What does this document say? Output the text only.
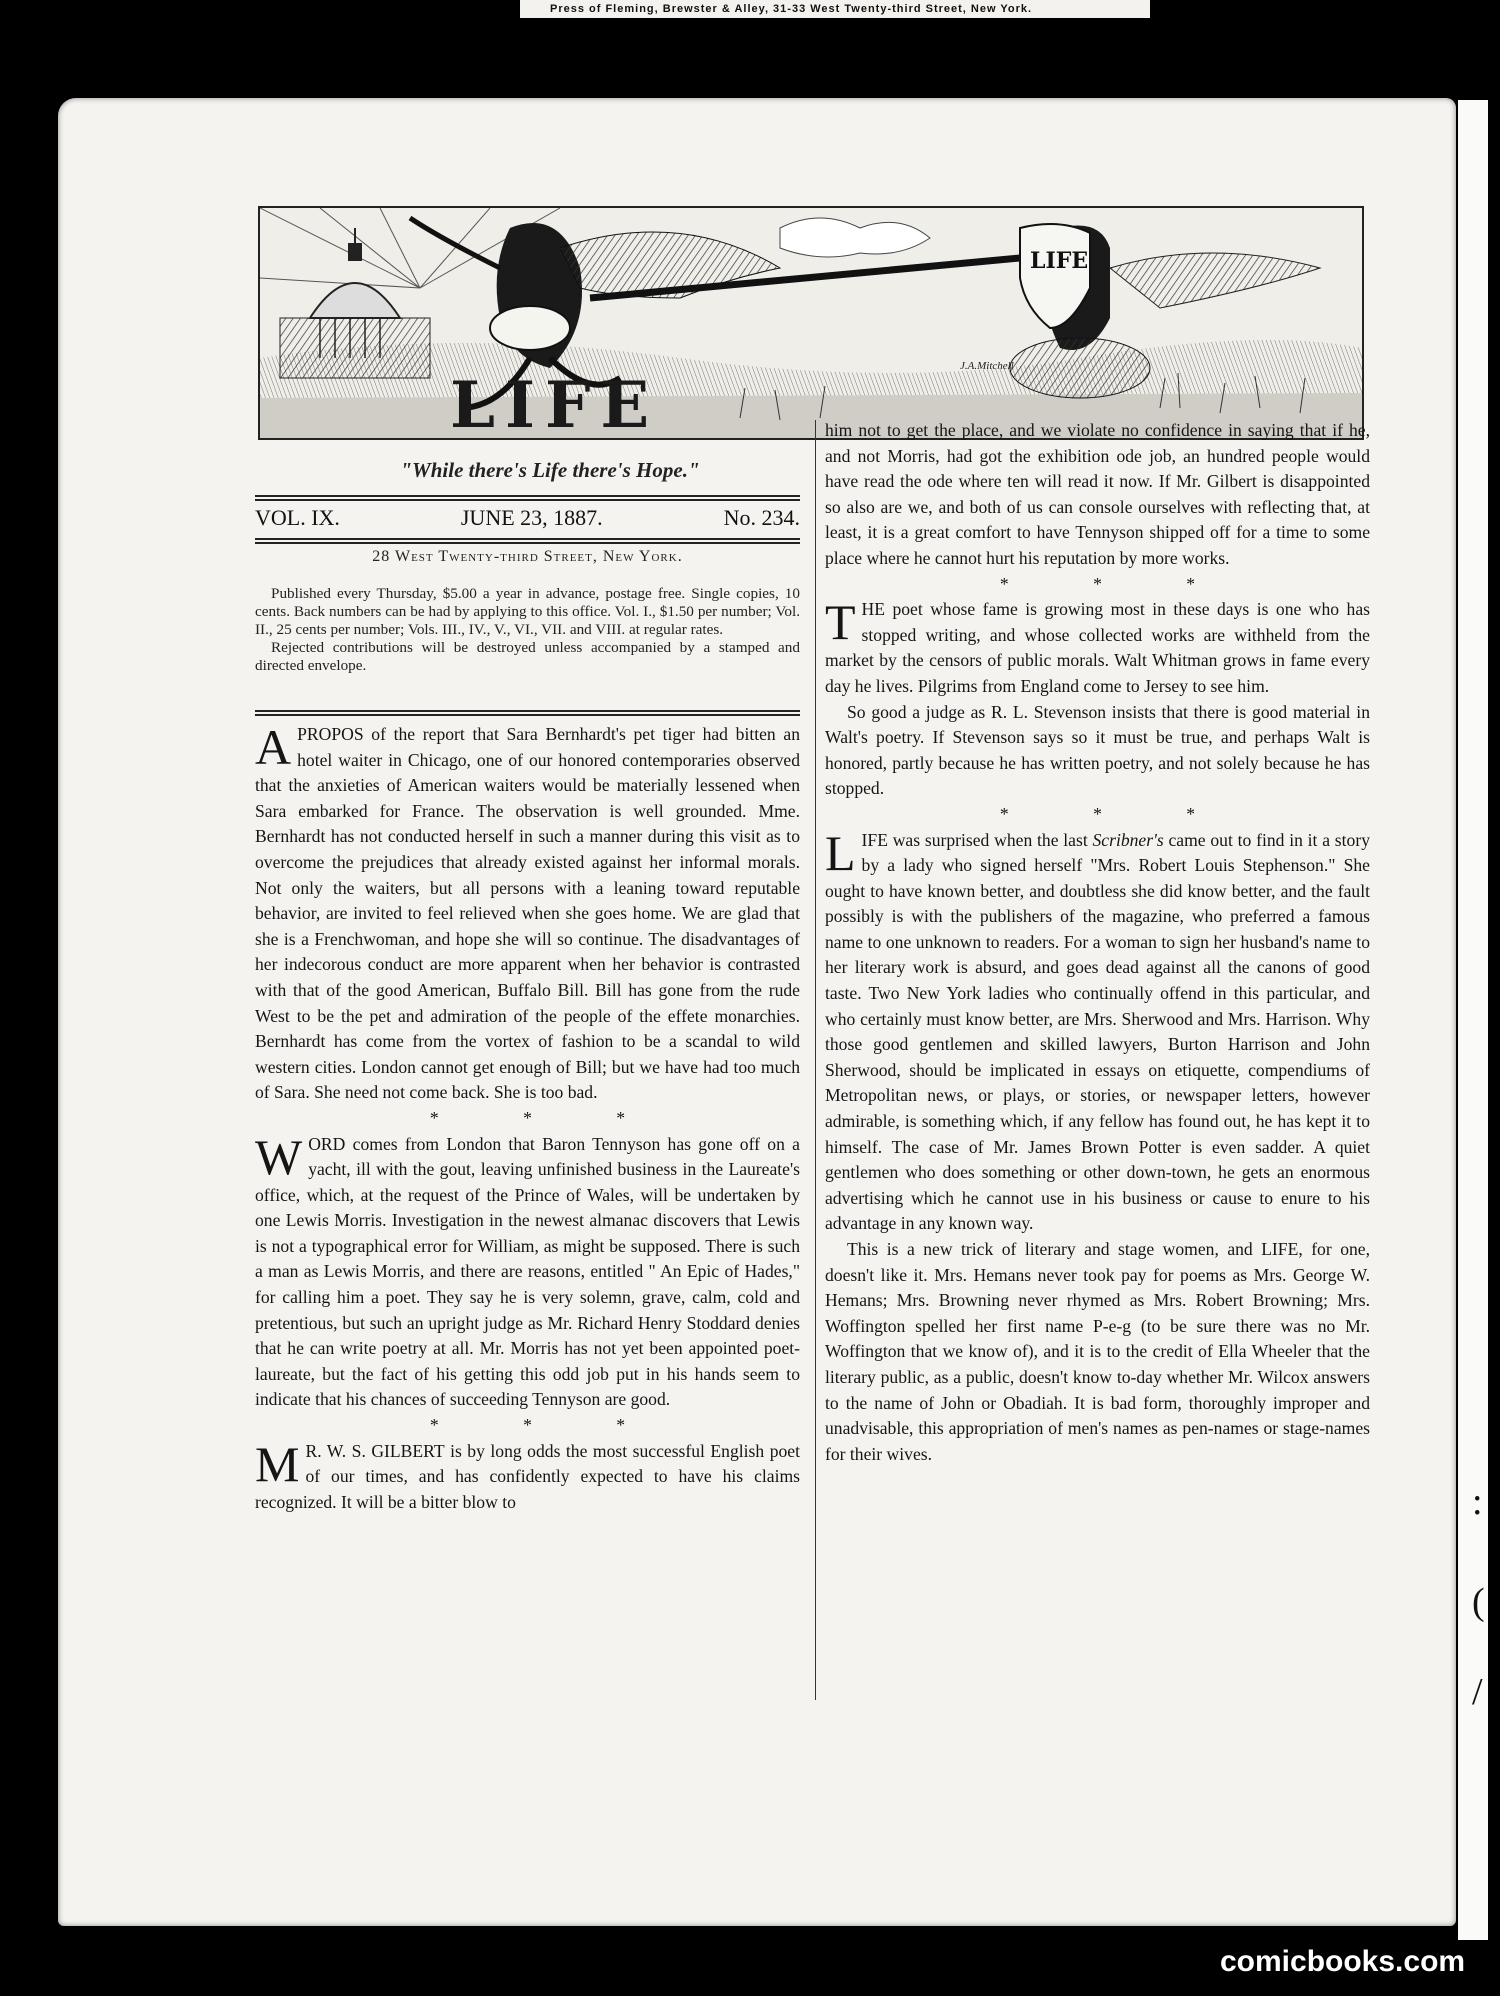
Press of Fleming, Brewster & Alley, 31-33 West Twenty-third Street, New York.
:
(
/
LIFE
LIFE
J.A.Mitchell
"While there's Life there's Hope."
VOL. IX.	JUNE 23, 1887.	No. 234.
28 West Twenty-third Street, New York.

Published every Thursday, $5.00 a year in advance, postage free. Single copies, 10 cents. Back numbers can be had by applying to this office. Vol. I., $1.50 per number; Vol. II., 25 cents per number; Vols. III., IV., V., VI., VII. and VIII. at regular rates.

Rejected contributions will be destroyed unless accompanied by a stamped and directed envelope.

APROPOS of the report that Sara Bernhardt's pet tiger had bitten an hotel waiter in Chicago, one of our honored contemporaries observed that the anxieties of American waiters would be materially lessened when Sara embarked for France. The observation is well grounded. Mme. Bernhardt has not conducted herself in such a manner during this visit as to overcome the prejudices that already existed against her informal morals. Not only the waiters, but all persons with a leaning toward reputable behavior, are invited to feel relieved when she goes home. We are glad that she is a Frenchwoman, and hope she will so continue. The disadvantages of her indecorous conduct are more apparent when her behavior is contrasted with that of the good American, Buffalo Bill. Bill has gone from the rude West to be the pet and admiration of the people of the effete monarchies. Bernhardt has come from the vortex of fashion to be a scandal to wild western cities. London cannot get enough of Bill; but we have had too much of Sara. She need not come back. She is too bad.

* * *

WORD comes from London that Baron Tennyson has gone off on a yacht, ill with the gout, leaving unfinished business in the Laureate's office, which, at the request of the Prince of Wales, will be undertaken by one Lewis Morris. Investigation in the newest almanac discovers that Lewis is not a typographical error for William, as might be supposed. There is such a man as Lewis Morris, and there are reasons, entitled " An Epic of Hades," for calling him a poet. They say he is very solemn, grave, calm, cold and pretentious, but such an upright judge as Mr. Richard Henry Stoddard denies that he can write poetry at all. Mr. Morris has not yet been appointed poet-laureate, but the fact of his getting this odd job put in his hands seem to indicate that his chances of succeeding Tennyson are good.

* * *

M R. W. S. GILBERT is by long odds the most successful English poet of our times, and has confidently expected to have his claims recognized. It will be a bitter blow to

him not to get the place, and we violate no confidence in saying that if he, and not Morris, had got the exhibition ode job, an hundred people would have read the ode where ten will read it now. If Mr. Gilbert is disappointed so also are we, and both of us can console ourselves with reflecting that, at least, it is a great comfort to have Tennyson shipped off for a time to some place where he cannot hurt his reputation by more works.

* * *

THE poet whose fame is growing most in these days is one who has stopped writing, and whose collected works are withheld from the market by the censors of public morals. Walt Whitman grows in fame every day he lives. Pilgrims from England come to Jersey to see him.

So good a judge as R. L. Stevenson insists that there is good material in Walt's poetry. If Stevenson says so it must be true, and perhaps Walt is honored, partly because he has written poetry, and not solely because he has stopped.

* * *

LIFE was surprised when the last Scribner's came out to find in it a story by a lady who signed herself "Mrs. Robert Louis Stephenson." She ought to have known better, and doubtless she did know better, and the fault possibly is with the publishers of the magazine, who preferred a famous name to one unknown to readers. For a woman to sign her husband's name to her literary work is absurd, and goes dead against all the canons of good taste. Two New York ladies who continually offend in this particular, and who certainly must know better, are Mrs. Sherwood and Mrs. Harrison. Why those good gentlemen and skilled lawyers, Burton Harrison and John Sherwood, should be implicated in essays on etiquette, compendiums of Metropolitan news, or plays, or stories, or newspaper letters, however admirable, is something which, if any fellow has found out, he has kept it to himself. The case of Mr. James Brown Potter is even sadder. A quiet gentlemen who does something or other down-town, he gets an enormous advertising which he cannot use in his business or cause to enure to his advantage in any known way.

This is a new trick of literary and stage women, and LIFE, for one, doesn't like it. Mrs. Hemans never took pay for poems as Mrs. George W. Hemans; Mrs. Browning never rhymed as Mrs. Robert Browning; Mrs. Woffington spelled her first name P-e-g (to be sure there was no Mr. Woffington that we know of), and it is to the credit of Ella Wheeler that the literary public, as a public, doesn't know to-day whether Mr. Wilcox answers to the name of John or Obadiah. It is bad form, thoroughly improper and unadvisable, this appropriation of men's names as pen-names or stage-names for their wives.

comicbooks.com
